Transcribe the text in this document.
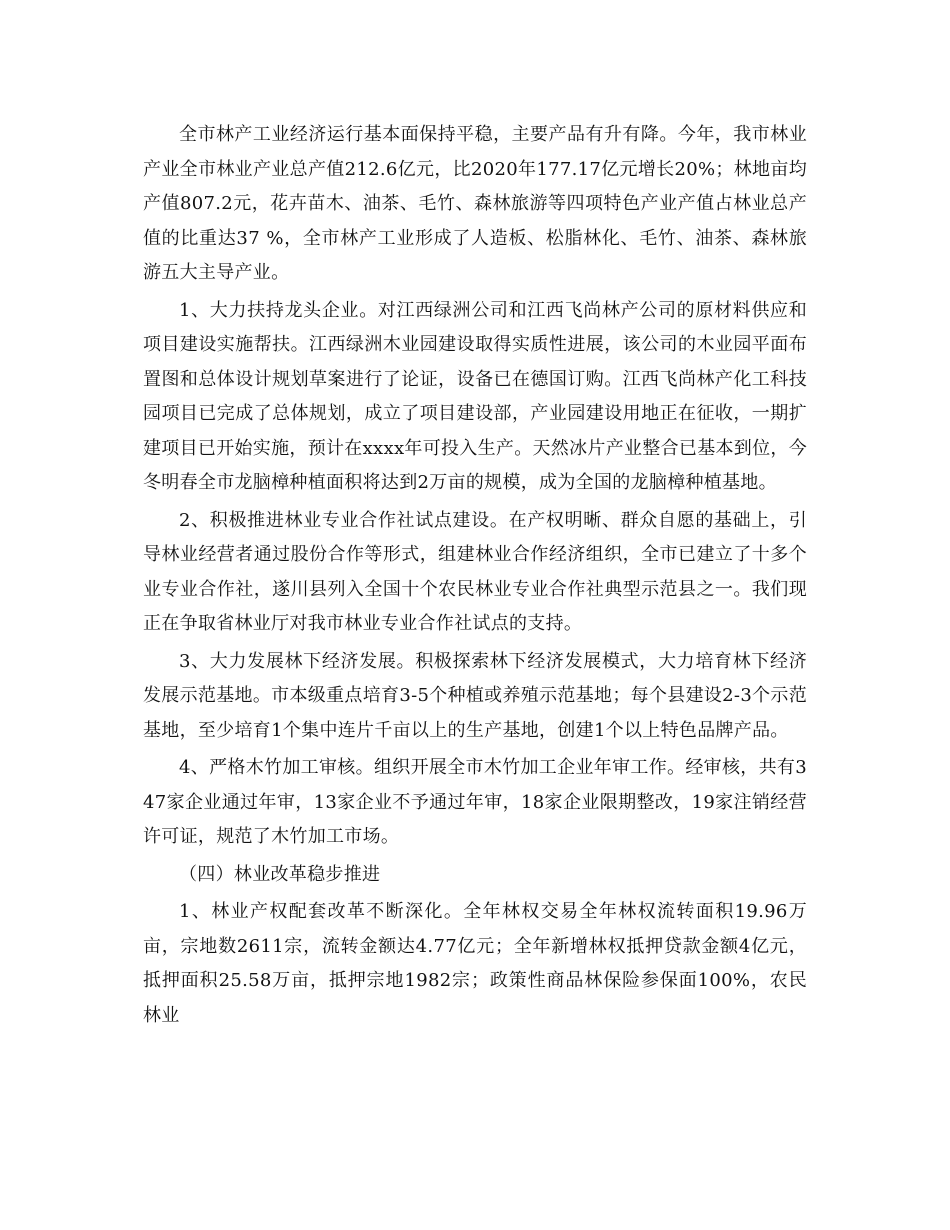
全市林产工业经济运行基本面保持平稳，主要产品有升有降。今年，我市林业产业全市林业产业总产值212.6亿元，比2020年177.17亿元增长20%；林地亩均产值807.2元，花卉苗木、油茶、毛竹、森林旅游等四项特色产业产值占林业总产值的比重达37 %，全市林产工业形成了人造板、松脂林化、毛竹、油茶、森林旅游五大主导产业。

1、大力扶持龙头企业。对江西绿洲公司和江西飞尚林产公司的原材料供应和项目建设实施帮扶。江西绿洲木业园建设取得实质性进展，该公司的木业园平面布置图和总体设计规划草案进行了论证，设备已在德国订购。江西飞尚林产化工科技园项目已完成了总体规划，成立了项目建设部，产业园建设用地正在征收，一期扩建项目已开始实施，预计在xxxx年可投入生产。天然冰片产业整合已基本到位，今冬明春全市龙脑樟种植面积将达到2万亩的规模，成为全国的龙脑樟种植基地。

2、积极推进林业专业合作社试点建设。在产权明晰、群众自愿的基础上，引导林业经营者通过股份合作等形式，组建林业合作经济组织，全市已建立了十多个业专业合作社，遂川县列入全国十个农民林业专业合作社典型示范县之一。我们现正在争取省林业厅对我市林业专业合作社试点的支持。

3、大力发展林下经济发展。积极探索林下经济发展模式，大力培育林下经济发展示范基地。市本级重点培育3-5个种植或养殖示范基地；每个县建设2-3个示范基地，至少培育1个集中连片千亩以上的生产基地，创建1个以上特色品牌产品。

4、严格木竹加工审核。组织开展全市木竹加工企业年审工作。经审核，共有347家企业通过年审，13家企业不予通过年审，18家企业限期整改，19家注销经营许可证，规范了木竹加工市场。

（四）林业改革稳步推进

1、林业产权配套改革不断深化。全年林权交易全年林权流转面积19.96万亩，宗地数2611宗，流转金额达4.77亿元；全年新增林权抵押贷款金额4亿元，抵押面积25.58万亩，抵押宗地1982宗；政策性商品林保险参保面100%，农民林业
